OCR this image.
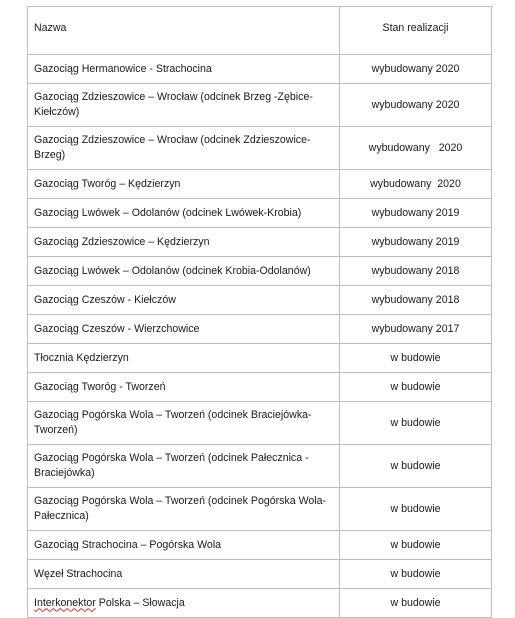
Nazwa	Stan realizacji
Gazociąg Hermanowice - Strachocina	wybudowany 2020
Gazociąg Zdzieszowice – Wrocław (odcinek Brzeg -Zębice-Kiełczów)	wybudowany 2020
Gazociąg Zdzieszowice – Wrocław (odcinek Zdzieszowice-Brzeg)	wybudowany   2020
Gazociąg Tworóg – Kędzierzyn	wybudowany  2020
Gazociąg Lwówek – Odolanów (odcinek Lwówek-Krobia)	wybudowany 2019
Gazociąg Zdzieszowice – Kędzierzyn	wybudowany 2019
Gazociąg Lwówek – Odolanów (odcinek Krobia-Odolanów)	wybudowany 2018
Gazociąg Czeszów - Kiełczów	wybudowany 2018
Gazociąg Czeszów - Wierzchowice	wybudowany 2017
Tłocznia Kędzierzyn	w budowie
Gazociąg Tworóg - Tworzeń	w budowie
Gazociąg Pogórska Wola – Tworzeń (odcinek Braciejówka-Tworzeń)	w budowie
Gazociąg Pogórska Wola – Tworzeń (odcinek Pałecznica - Braciejówka)	w budowie
Gazociąg Pogórska Wola – Tworzeń (odcinek Pogórska Wola-Pałecznica)	w budowie
Gazociąg Strachocina – Pogórska Wola	w budowie
Węzeł Strachocina	w budowie
Interkonektor Polska – Słowacja	w budowie
